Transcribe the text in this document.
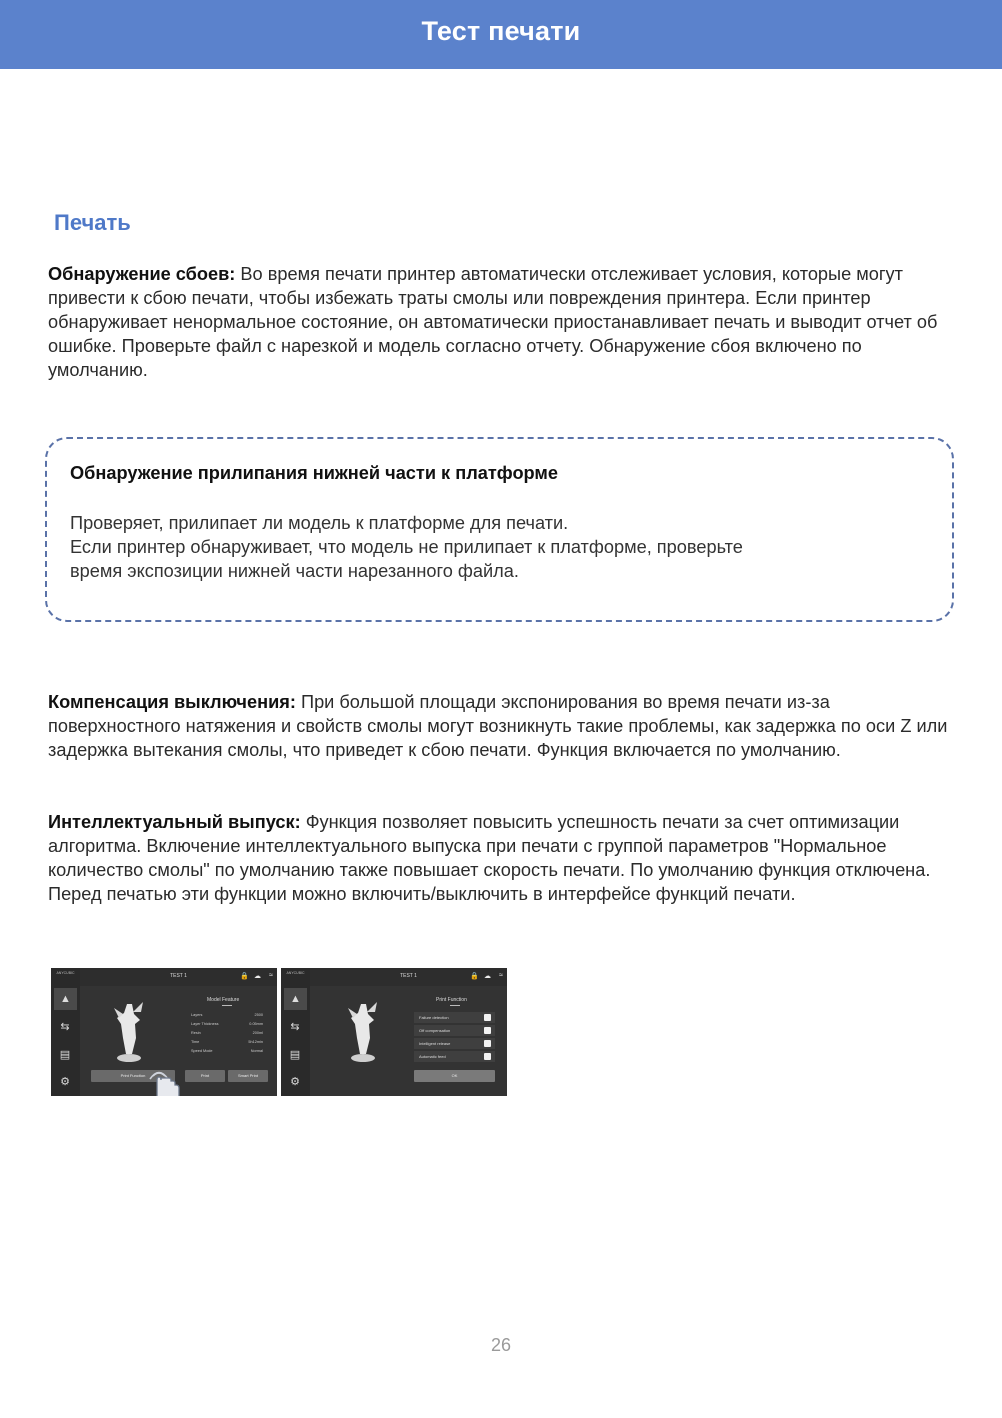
Тест печати
Печать
Обнаружение сбоев: Во время печати принтер автоматически отслеживает условия, которые могут привести к сбою печати, чтобы избежать траты смолы или повреждения принтера. Если принтер обнаруживает ненормальное состояние, он автоматически приостанавливает печать и выводит отчет об ошибке. Проверьте файл с нарезкой и модель согласно отчету. Обнаружение сбоя включено по умолчанию.
Обнаружение прилипания нижней части к платформе
Проверяет, прилипает ли модель к платформе для печати.
Если принтер обнаруживает, что модель не прилипает к платформе, проверьте
время экспозиции нижней части нарезанного файла.
Компенсация выключения: При большой площади экспонирования во время печати из-за поверхностного натяжения и свойств смолы могут возникнуть такие проблемы, как задержка по оси Z или задержка вытекания смолы, что приведет к сбою печати. Функция включается по умолчанию.
Интеллектуальный выпуск: Функция позволяет повысить успешность печати за счет оптимизации алгоритма. Включение интеллектуального выпуска при печати с группой параметров "Нормальное количество смолы" по умолчанию также повышает скорость печати. По умолчанию функция отключена. Перед печатью эти функции можно включить/выключить в интерфейсе функций печати.
ANYCUBIC
▲
⇆
▤
⚙
TEST 1	🔒 ☁ ≈
Model Feature
Layers	2500
Layer Thickness	0.05mm
Resin	200ml
Time	5h12min
Speed Mode	Normal
Print Function	Print	Smart Print
ANYCUBIC
▲
⇆
▤
⚙
TEST 1	🔒 ☁ ≈
Print Function
Failure detection
Off compensation
Intelligent release
Automatic feed
OK
26
